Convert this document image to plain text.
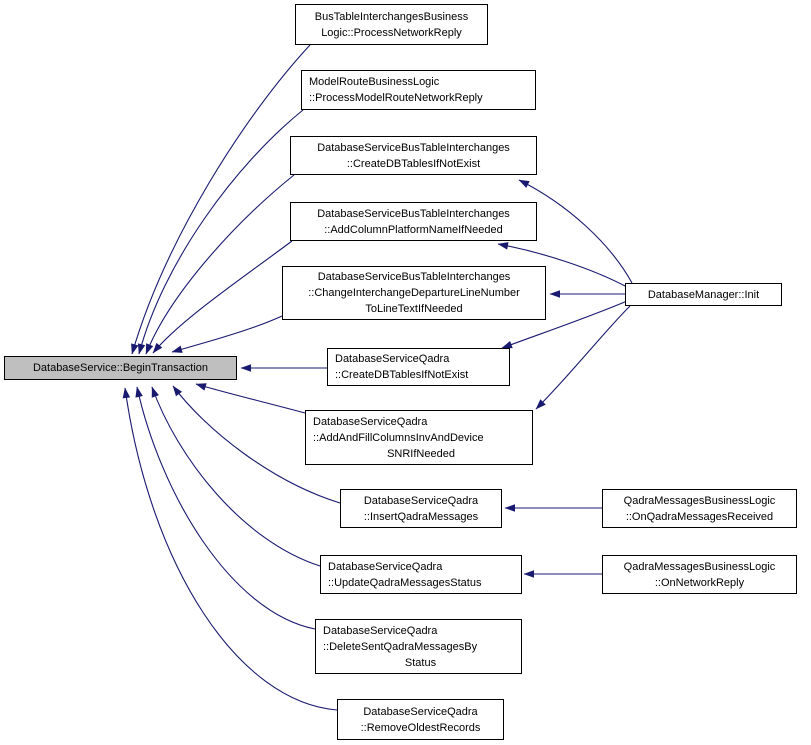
DatabaseService::BeginTransaction
BusTableInterchangesBusiness
Logic::ProcessNetworkReply
ModelRouteBusinessLogic
::ProcessModelRouteNetworkReply
DatabaseServiceBusTableInterchanges
::CreateDBTablesIfNotExist
DatabaseServiceBusTableInterchanges
::AddColumnPlatformNameIfNeeded
DatabaseServiceBusTableInterchanges
::ChangeInterchangeDepartureLineNumber
ToLineTextIfNeeded
DatabaseServiceQadra
::CreateDBTablesIfNotExist
DatabaseServiceQadra
::AddAndFillColumnsInvAndDevice
SNRIfNeeded
DatabaseServiceQadra
::InsertQadraMessages
DatabaseServiceQadra
::UpdateQadraMessagesStatus
DatabaseServiceQadra
::DeleteSentQadraMessagesBy
Status
DatabaseServiceQadra
::RemoveOldestRecords
DatabaseManager::Init
QadraMessagesBusinessLogic
::OnQadraMessagesReceived
QadraMessagesBusinessLogic
::OnNetworkReply
